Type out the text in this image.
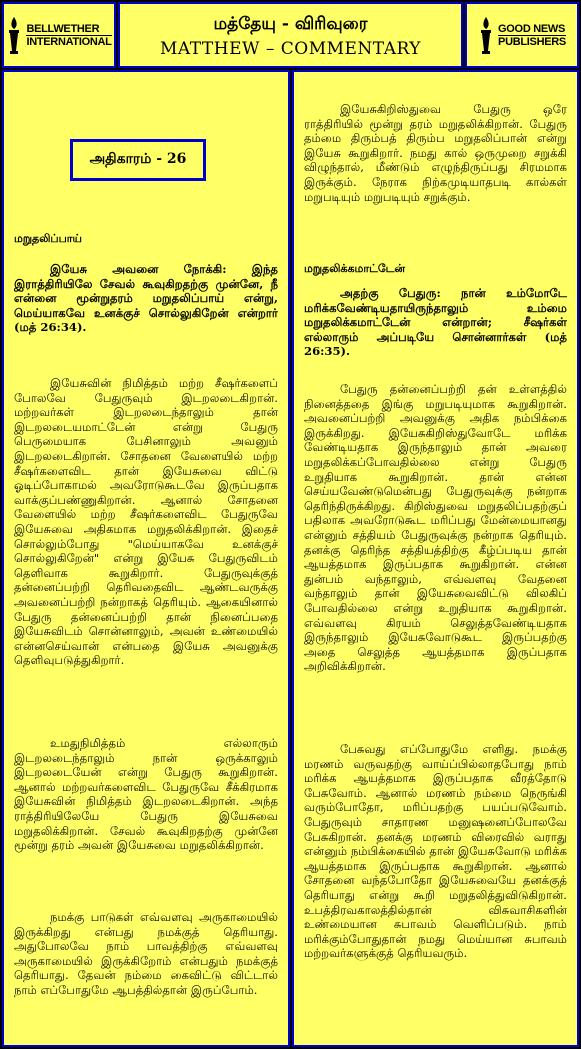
BELLWETHER
INTERNATIONAL
மத்தேயு - விரிவுரை
MATTHEW – COMMENTARY
GOOD NEWS
PUBLISHERS
அதிகாரம் - 26

மறுதலிப்பாய்

இயேசு அவனை நோக்கி: இந்த இராத்திரியிலே சேவல் கூவுகிறதற்கு முன்னே, நீ என்னை மூன்றுதரம் மறுதலிப்பாய் என்று, மெய்யாகவே உனக்குச் சொல்லுகிறேன் என்றார் (மத் 26:34).

இயேசுவின் நிமித்தம் மற்ற சீஷர்களைப் போலவே பேதுருவும் இடறலடைகிறான். மற்றவர்கள் இடறலடைந்தாலும் தான் இடறலடையமாட்டேன் என்று பேதுரு பெருமையாக பேசினாலும் அவனும் இடறலடைகிறான். சோதனை வேளையில் மற்ற சீஷர்களைவிட தான் இயேசுவை விட்டு ஓடிப்போகாமல் அவரோடுகூடவே இருப்பதாக வாக்குப்பண்ணுகிறான். ஆனால் சோதனை வேளையில் மற்ற சீஷர்களைவிட பேதுருவே இயேசுவை அதிகமாக மறுதலிக்கிறான். இதைச் சொல்லும்போது "மெய்யாகவே உனக்குச் சொல்லுகிறேன்" என்று இயேசு பேதுருவிடம் தெளிவாக கூறுகிறார். பேதுருவுக்குத் தன்னைப்பற்றி தெரிவதைவிட ஆண்டவருக்கு அவனைப்பற்றி நன்றாகத் தெரியும். ஆகையினால் பேதுரு தன்னைப்பற்றி தான் நினைப்பதை இயேசுவிடம் சொன்னாலும், அவன் உண்மையில் என்னசெய்வான் என்பதை இயேசு அவனுக்கு தெளிவுபடுத்துகிறார்.

உமதுநிமித்தம் எல்லாரும் இடறலடைந்தாலும் நான் ஒருக்காலும் இடறலடையேன் என்று பேதுரு கூறுகிறான். ஆனால் மற்றவர்களைவிட பேதுருவே சீக்கிரமாக இயேசுவின் நிமித்தம் இடறலடைகிறான். அந்த ராத்திரியிலேயே பேதுரு இயேசுவை மறுதலிக்கிறான். சேவல் கூவுகிறதற்கு முன்னே மூன்று தரம் அவன் இயேசுவை மறுதலிக்கிறான்.

நமக்கு பாடுகள் எவ்வளவு அருகாமையில் இருக்கிறது என்பது நமக்குத் தெரியாது. அதுபோலவே நாம் பாவத்திற்கு எவ்வளவு அருகாமையில் இருக்கிறோம் என்பதும் நமக்குத் தெரியாது. தேவன் நம்மை கைவிட்டு விட்டால் நாம் எப்போதுமே ஆபத்தில்தான் இருப்போம்.

இயேசுகிறிஸ்துவை பேதுரு ஒரே ராத்திரியில் மூன்று தரம் மறுதலிக்கிறான். பேதுரு தம்மை திரும்பத் திரும்ப மறுதலிப்பான் என்று இயேசு கூறுகிறார். நமது கால் ஒருமுறை சறுக்கி விழுந்தால், மீண்டும் எழுந்திருப்பது சிரமமாக இருக்கும். நேராக நிற்கமுடியாதபடி கால்கள் மறுபடியும் மறுபடியும் சறுக்கும்.

மறுதலிக்கமாட்டேன்

அதற்கு பேதுரு: நான் உம்மோடே மரிக்கவேண்டியதாயிருந்தாலும் உம்மை மறுதலிக்கமாட்டேன் என்றான்; சீஷர்கள் எல்லாரும் அப்படியே சொன்னார்கள் (மத் 26:35).

பேதுரு தன்னைப்பற்றி தன் உள்ளத்தில் நினைத்ததை இங்கு மறுபடியுமாக கூறுகிறான். அவனைப்பற்றி அவனுக்கு அதிக நம்பிக்கை இருக்கிறது. இயேசுகிறிஸ்துவோடே மரிக்க வேண்டியதாக இருந்தாலும் தான் அவரை மறுதலிக்கப்போவதில்லை என்று பேதுரு உறுதியாக கூறுகிறான். தான் என்ன செய்யவேண்டுமென்பது பேதுருவுக்கு நன்றாக தெரிந்திருக்கிறது. கிறிஸ்துவை மறுதலிப்பதற்குப் பதிலாக அவரோடுகூட மரிப்பது மேன்மையானது என்னும் சத்தியம் பேதுருவுக்கு நன்றாக தெரியும். தனக்கு தெரிந்த சத்தியத்திற்கு கீழ்ப்படிய தான் ஆயத்தமாக இருப்பதாக கூறுகிறான். என்ன துன்பம் வந்தாலும், எவ்வளவு வேதனை வந்தாலும் தான் இயேசுவைவிட்டு விலகிப் போவதில்லை என்று உறுதியாக கூறுகிறான். எவ்வளவு கிரயம் செலுத்தவேண்டியதாக இருந்தாலும் இயேசுவோடுகூட இருப்பதற்கு அதை செலுத்த ஆயத்தமாக இருப்பதாக அறிவிக்கிறான்.

பேசுவது எப்போதுமே எளிது. நமக்கு மரணம் வருவதற்கு வாய்ப்பில்லாதபோது நாம் மரிக்க ஆயத்தமாக இருப்பதாக வீரத்தோடு பேசுவோம். ஆனால் மரணம் நம்மை நெருங்கி வரும்போதோ, மரிப்பதற்கு பயப்படுவோம். பேதுருவும் சாதாரண மனுஷனைப்போலவே பேசுகிறான். தனக்கு மரணம் விரைவில் வராது என்னும் நம்பிக்கையில் தான் இயேசுவோடு மரிக்க ஆயத்தமாக இருப்பதாக கூறுகிறான். ஆனால் சோதனை வந்தபோதோ இயேசுவையே தனக்குத் தெரியாது என்று கூறி மறுதலித்துவிடுகிறான். உபத்திரவகாலத்தில்தான் விசுவாசிகளின் உண்மையான சுபாவம் வெளிப்படும். நாம் மரிக்கும்போதுதான் நமது மெய்யான சுபாவம் மற்றவர்களுக்குத் தெரியவரும்.
